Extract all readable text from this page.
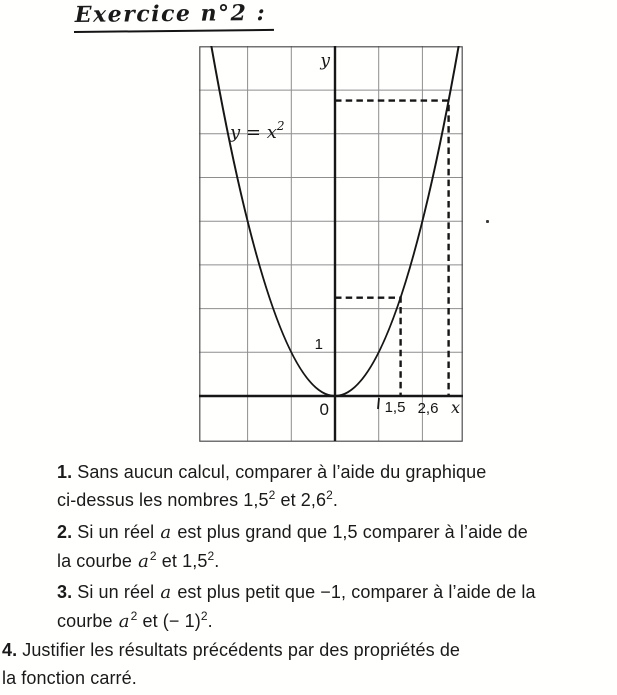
Exercice n°2 :
y
x
$y = x^2$
1
0	1,5 2,6

1. Sans aucun calcul, comparer à l’aide du graphique
ci-dessus les nombres $1,5^2$ et $2,6^2$.

2. Si un réel a est plus grand que 1,5 comparer à l’aide de
la courbe $a^2$ et $1,5^2$.

3. Si un réel a est plus petit que −1, comparer à l’aide de la
courbe $a^2$ et (− 1)$^2$.

4. Justifier les résultats précédents par des propriétés de
la fonction carré.
